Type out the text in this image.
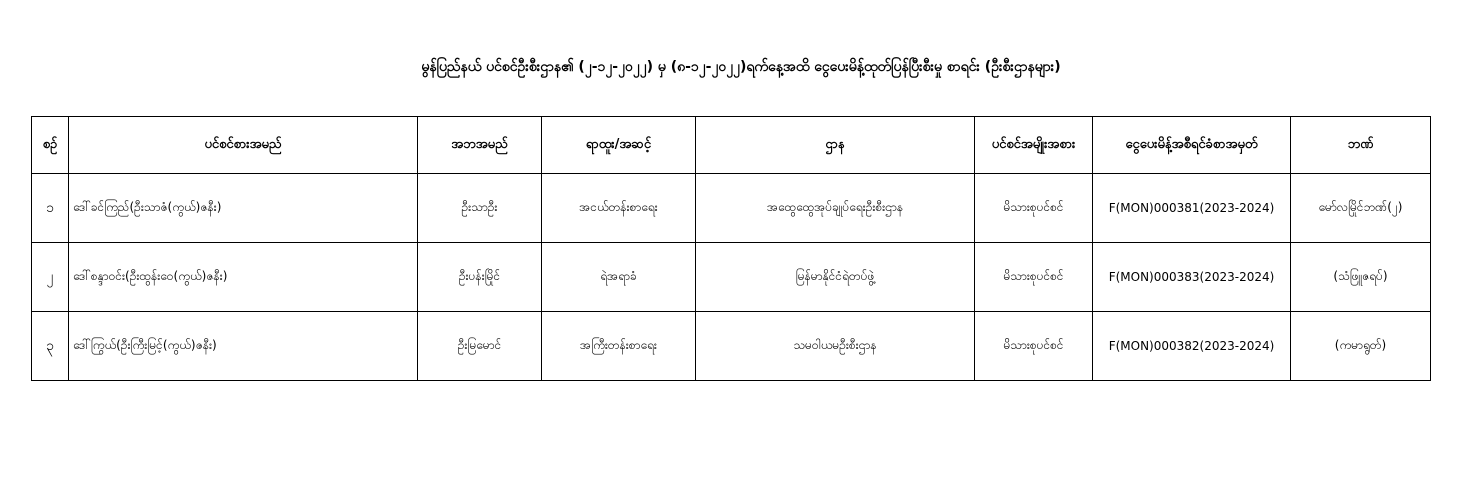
မွန်ပြည်နယ် ပင်စင်ဦးစီးဌာန၏ (၂-၁၂-၂၀၂၂) မှ (၈-၁၂-၂၀၂၂)ရက်နေ့အထိ ငွေပေးမိန့်ထုတ်ပြန်ပြီးစီးမှု စာရင်း (ဦးစီးဌာနများ)
စဉ်	ပင်စင်စားအမည်	အဘအမည်	ရာထူး/အဆင့်	ဌာန	ပင်စင်အမျိုးအစား	ငွေပေးမိန့်အစီရင်ခံစာအမှတ်	ဘဏ်
၁	ဒေါ်ခင်ကြည်(ဦးသာဇံ(ကွယ်)ဇနီး)	ဦးသာဦး	အငယ်တန်းစာရေး	အထွေထွေအုပ်ချုပ်ရေးဦးစီးဌာန	မိသားစုပင်စင်	F(MON)000381(2023-2024)	မော်လမြိုင်ဘဏ်(၂)
၂	ဒေါ်စန္ဒာဝင်း(ဦးထွန်းဝေ(ကွယ်)ဇနီး)	ဦးပန်းမြိုင်	ရဲအရာခံ	မြန်မာနိုင်ငံရဲတပ်ဖွဲ့	မိသားစုပင်စင်	F(MON)000383(2023-2024)	(သံဖြူဇရပ်)
၃	ဒေါ်ကြွယ်(ဦးကြီးမြင့်(ကွယ်)ဇနီး)	ဦးမြမောင်	အကြီးတန်းစာရေး	သမဝါယမဦးစီးဌာန	မိသားစုပင်စင်	F(MON)000382(2023-2024)	(ကမာရွတ်)
